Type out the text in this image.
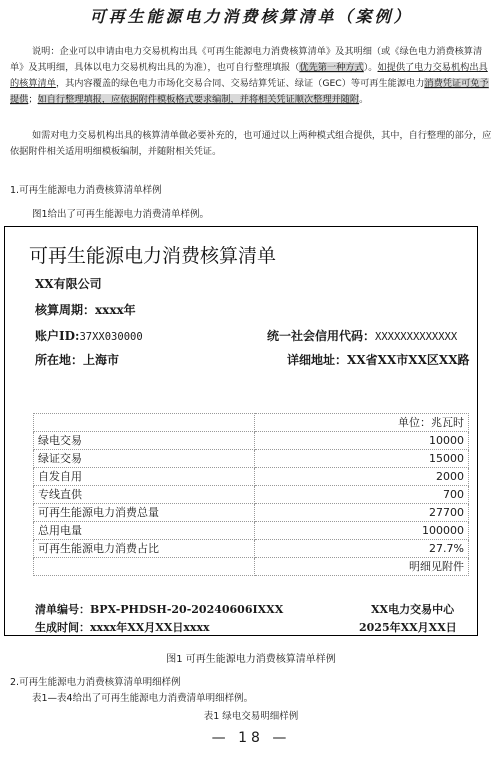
可再生能源电力消费核算清单（案例）
说明：企业可以申请由电力交易机构出具《可再生能源电力消费核算清单》及其明细（或《绿色电力消费核算清单》及其明细，具体以电力交易机构出具的为准），也可自行整理填报（优先第一种方式）。如提供了电力交易机构出具的核算清单，其内容覆盖的绿色电力市场化交易合同、交易结算凭证、绿证（GEC）等可再生能源电力消费凭证可免予提供；如自行整理填报，应依据附件模板格式要求编制，并将相关凭证顺次整理并随附。
如需对电力交易机构出具的核算清单做必要补充的，也可通过以上两种模式组合提供，其中，自行整理的部分，应依据附件相关适用明细模板编制，并随附相关凭证。
1.可再生能源电力消费核算清单样例
图1给出了可再生能源电力消费清单样例。
可再生能源电力消费核算清单
XX有限公司
核算周期：xxxx年
账户ID:37XX030000	统一社会信用代码：XXXXXXXXXXXXX
所在地：上海市	详细地址：XX省XX市XX区XX路
	单位：兆瓦时
绿电交易	10000
绿证交易	15000
自发自用	2000
专线直供	700
可再生能源电力消费总量	27700
总用电量	100000
可再生能源电力消费占比	27.7%
	明细见附件
清单编号：BPX-PHDSH-20-20240606IXXX	XX电力交易中心
生成时间：xxxx年XX月XX日xxxx	2025年XX月XX日
图1 可再生能源电力消费核算清单样例
2.可再生能源电力消费核算清单明细样例
表1—表4给出了可再生能源电力消费清单明细样例。
表1 绿电交易明细样例
— 18 —
